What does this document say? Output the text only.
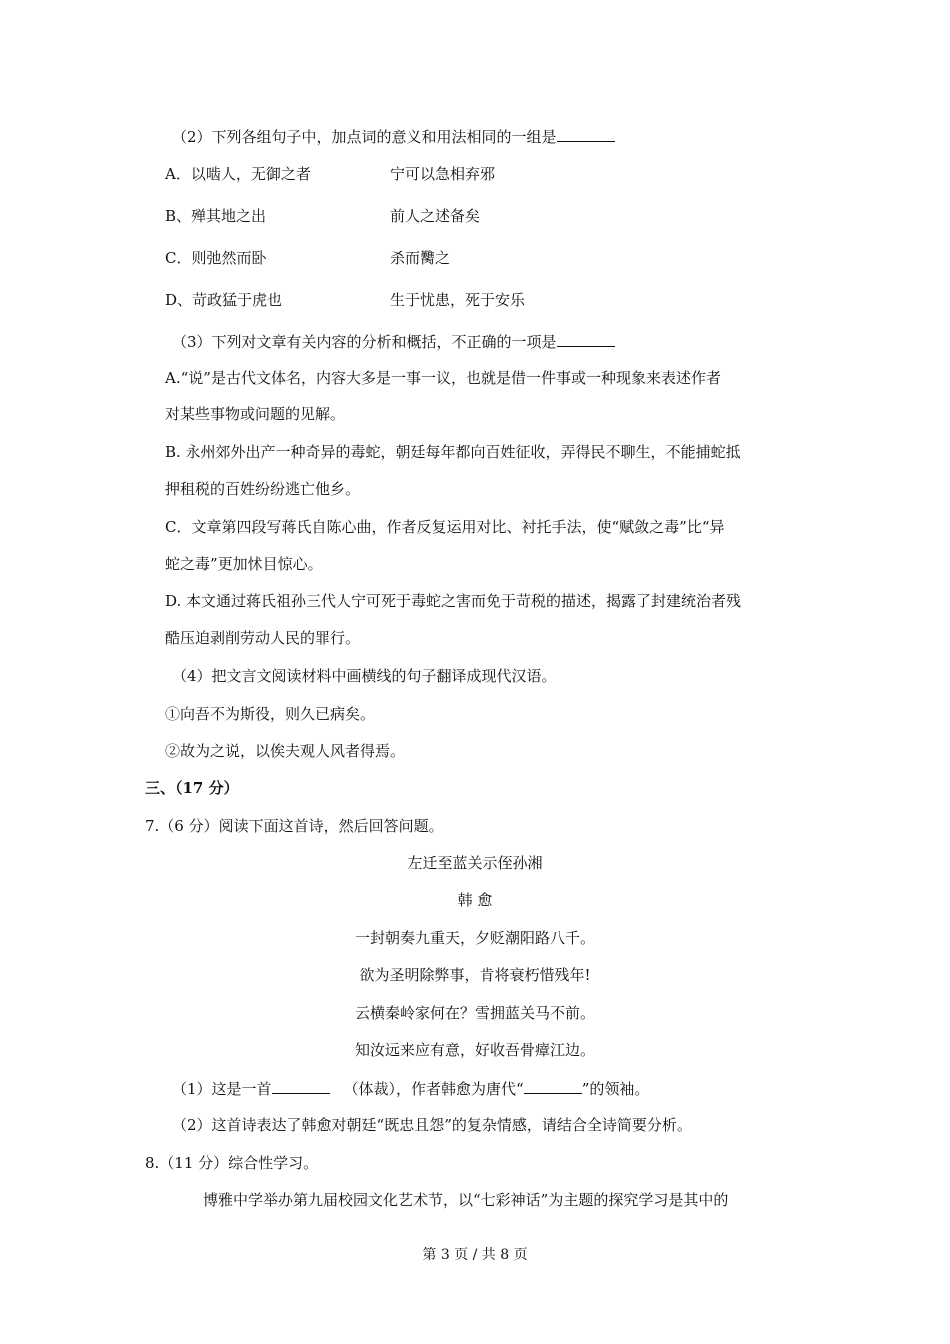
（2）下列各组句子中，加点词的意义和用法相同的一组是
A．以啮人，无御之者	宁可以急相弃邪
B、殚其地之出	前人之述备矣
C．则弛然而卧	杀而臡之
D、苛政猛于虎也	生于忧患，死于安乐
（3）下列对文章有关内容的分析和概括，不正确的一项是
A.“说”是古代文体名，内容大多是一事一议，也就是借一件事或一种现象来表述作者
对某些事物或问题的见解。
B. 永州郊外出产一种奇异的毒蛇，朝廷每年都向百姓征收，弄得民不聊生，不能捕蛇抵
押租税的百姓纷纷逃亡他乡。
C．文章第四段写蒋氏自陈心曲，作者反复运用对比、衬托手法，使“赋敛之毒”比“异
蛇之毒”更加怵目惊心。
D. 本文通过蒋氏祖孙三代人宁可死于毒蛇之害而免于苛税的描述，揭露了封建统治者残
酷压迫剥削劳动人民的罪行。
（4）把文言文阅读材料中画横线的句子翻译成现代汉语。
①向吾不为斯役，则久已病矣。
②故为之说，以俟夫观人风者得焉。
三、（17 分）
7.（6 分）阅读下面这首诗，然后回答问题。
左迁至蓝关示侄孙湘
韩 愈
一封朝奏九重天，夕贬潮阳路八千。
欲为圣明除弊事，肯将衰朽惜残年!
云横秦岭家何在？雪拥蓝关马不前。
知汝远来应有意，好收吾骨瘴江边。
（1）这是一首	（体裁），作者韩愈为唐代“	”的领袖。
（2）这首诗表达了韩愈对朝廷“既忠且怨”的复杂情感，请结合全诗简要分析。
8.（11 分）综合性学习。
博雅中学举办第九届校园文化艺术节，以“七彩神话”为主题的探究学习是其中的
第 3 页 / 共 8 页
